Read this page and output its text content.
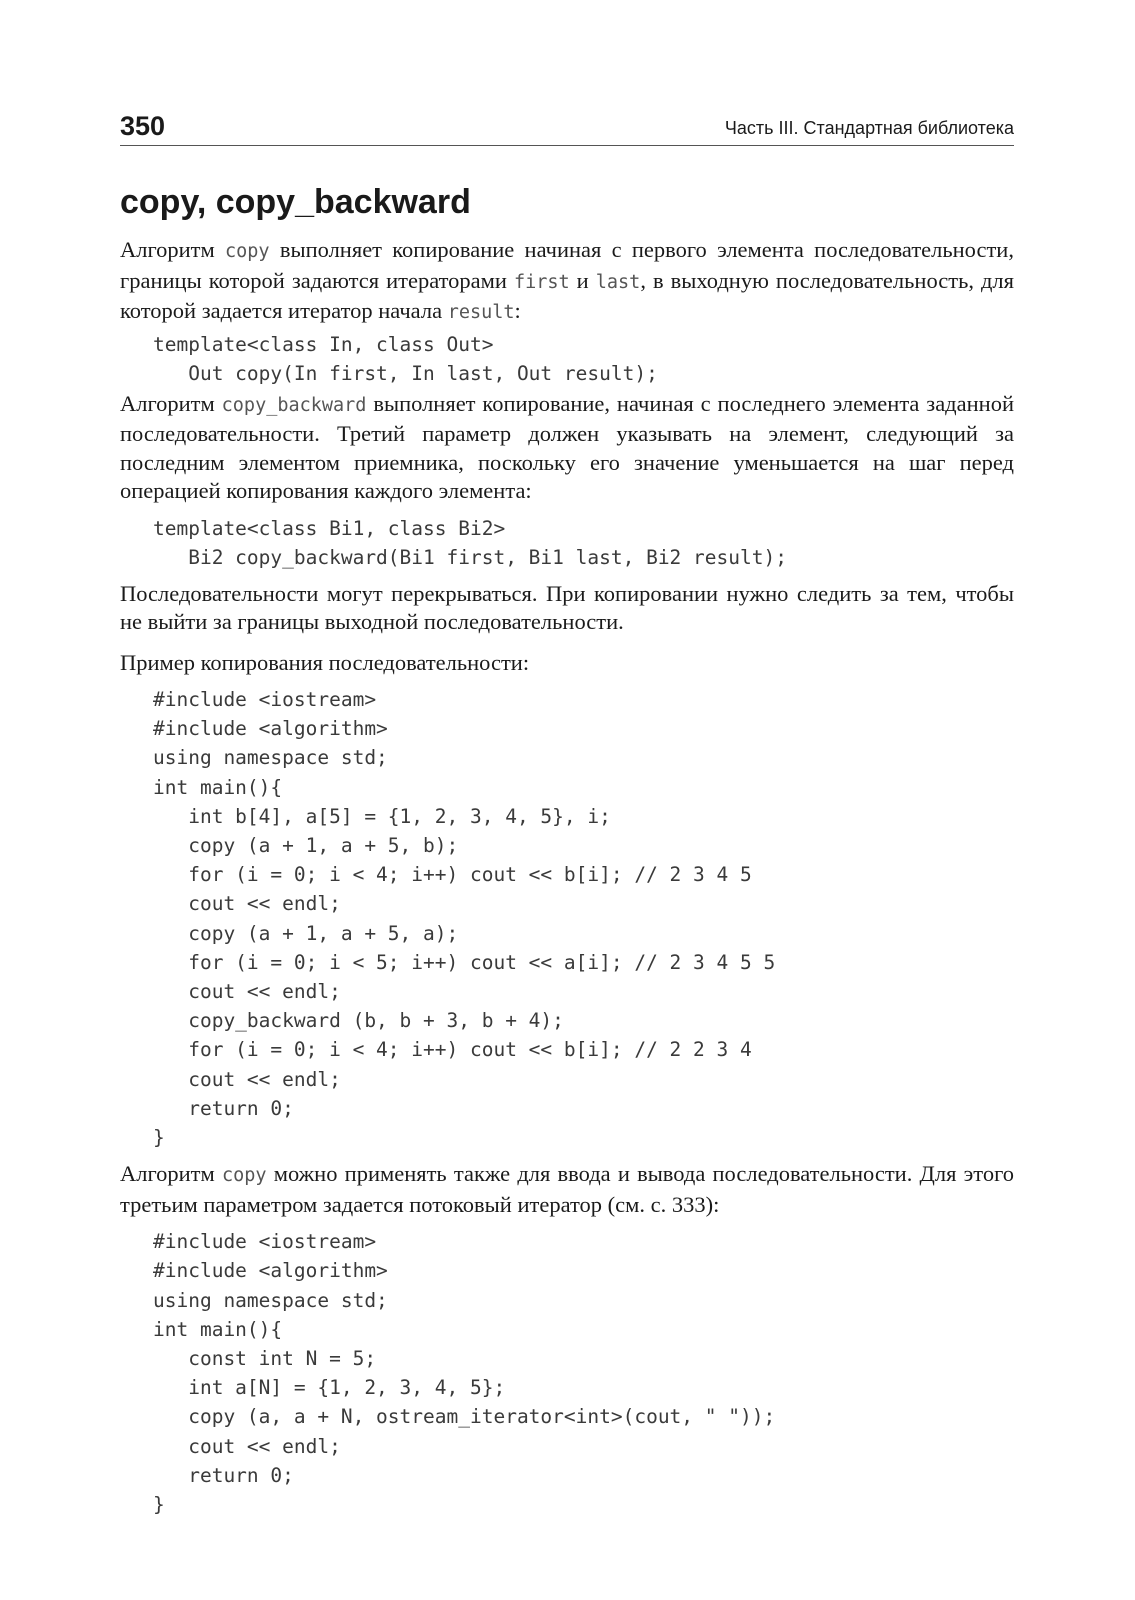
350	Часть III. Стандартная библиотека
copy, copy_backward

Алгоритм copy выполняет копирование начиная с первого элемента последовательности, границы которой задаются итераторами first и last, в выходную последовательность, для которой задается итератор начала result:

template<class In, class Out>
Out copy(In first, In last, Out result);

Алгоритм copy_backward выполняет копирование, начиная с последнего элемента заданной последовательности. Третий параметр должен указывать на элемент, следующий за последним элементом приемника, поскольку его значение уменьшается на шаг перед операцией копирования каждого элемента:

template<class Bi1, class Bi2>
Bi2 copy_backward(Bi1 first, Bi1 last, Bi2 result);

Последовательности могут перекрываться. При копировании нужно следить за тем, чтобы не выйти за границы выходной последовательности.

Пример копирования последовательности:

#include <iostream>
#include <algorithm>
using namespace std;
int main(){
int b[4], a[5] = {1, 2, 3, 4, 5}, i;
copy (a + 1, a + 5, b);
for (i = 0; i < 4; i++) cout << b[i]; // 2 3 4 5
cout << endl;
copy (a + 1, a + 5, a);
for (i = 0; i < 5; i++) cout << a[i]; // 2 3 4 5 5
cout << endl;
copy_backward (b, b + 3, b + 4);
for (i = 0; i < 4; i++) cout << b[i]; // 2 2 3 4
cout << endl;
return 0;
}

Алгоритм copy можно применять также для ввода и вывода последовательности. Для этого третьим параметром задается потоковый итератор (см. с. 333):

#include <iostream>
#include <algorithm>
using namespace std;
int main(){
const int N = 5;
int a[N] = {1, 2, 3, 4, 5};
copy (a, a + N, ostream_iterator<int>(cout, " "));
cout << endl;
return 0;
}
